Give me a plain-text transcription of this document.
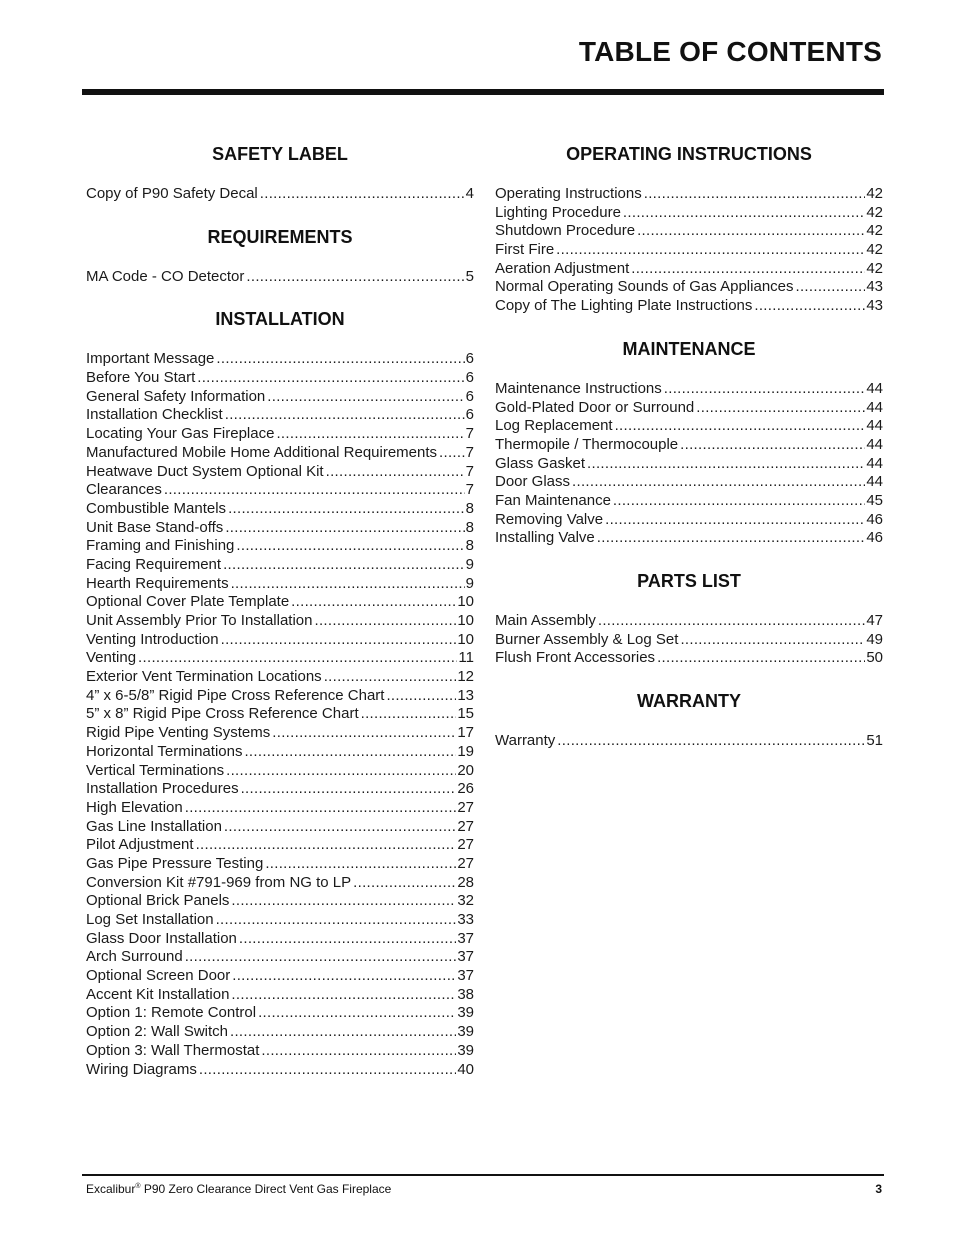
TABLE OF CONTENTS
SAFETY LABEL
Copy of P90 Safety Decal .....	4
REQUIREMENTS
MA Code - CO Detector .....	5
INSTALLATION
Important Message .....	6
Before You Start .....	6
General Safety Information .....	6
Installation Checklist .....	6
Locating Your Gas Fireplace .....	7
Manufactured Mobile Home Additional Requirements ..... 7
Heatwave Duct System Optional Kit .....	7
Clearances .....	7
Combustible Mantels .....	8
Unit Base Stand-offs .....	8
Framing and Finishing .....	8
Facing Requirement .....	9
Hearth Requirements .....	9
Optional Cover Plate Template .....	10
Unit Assembly Prior To Installation .....	10
Venting Introduction .....	10
Venting .....	11
Exterior Vent Termination Locations .....	12
4” x 6-5/8” Rigid Pipe Cross Reference Chart .....	13
5” x 8” Rigid Pipe Cross Reference Chart .....	15
Rigid Pipe Venting Systems .....	17
Horizontal Terminations .....	19
Vertical Terminations .....	20
Installation Procedures .....	26
High Elevation .....	27
Gas Line Installation .....	27
Pilot Adjustment .....	27
Gas Pipe Pressure Testing .....	27
Conversion Kit #791-969 from NG to LP .....	28
Optional Brick Panels .....	32
Log Set Installation .....	33
Glass Door Installation .....	37
Arch Surround .....	37
Optional Screen Door .....	37
Accent Kit Installation .....	38
Option 1: Remote Control .....	39
Option 2: Wall Switch .....	39
Option 3: Wall Thermostat .....	39
Wiring Diagrams .....	40
OPERATING INSTRUCTIONS
Operating Instructions .....	42
Lighting Procedure .....	42
Shutdown Procedure .....	42
First Fire .....	42
Aeration Adjustment .....	42
Normal Operating Sounds of Gas Appliances .....	43
Copy of The Lighting Plate Instructions .....	43
MAINTENANCE
Maintenance Instructions .....	44
Gold-Plated Door or Surround .....	44
Log Replacement .....	44
Thermopile / Thermocouple .....	44
Glass Gasket .....	44
Door Glass .....	44
Fan Maintenance .....	45
Removing Valve .....	46
Installing Valve .....	46
PARTS LIST
Main Assembly .....	47
Burner Assembly & Log Set .....	49
Flush Front Accessories .....	50
WARRANTY
Warranty .....	51
Excalibur® P90 Zero Clearance Direct Vent Gas Fireplace	3
